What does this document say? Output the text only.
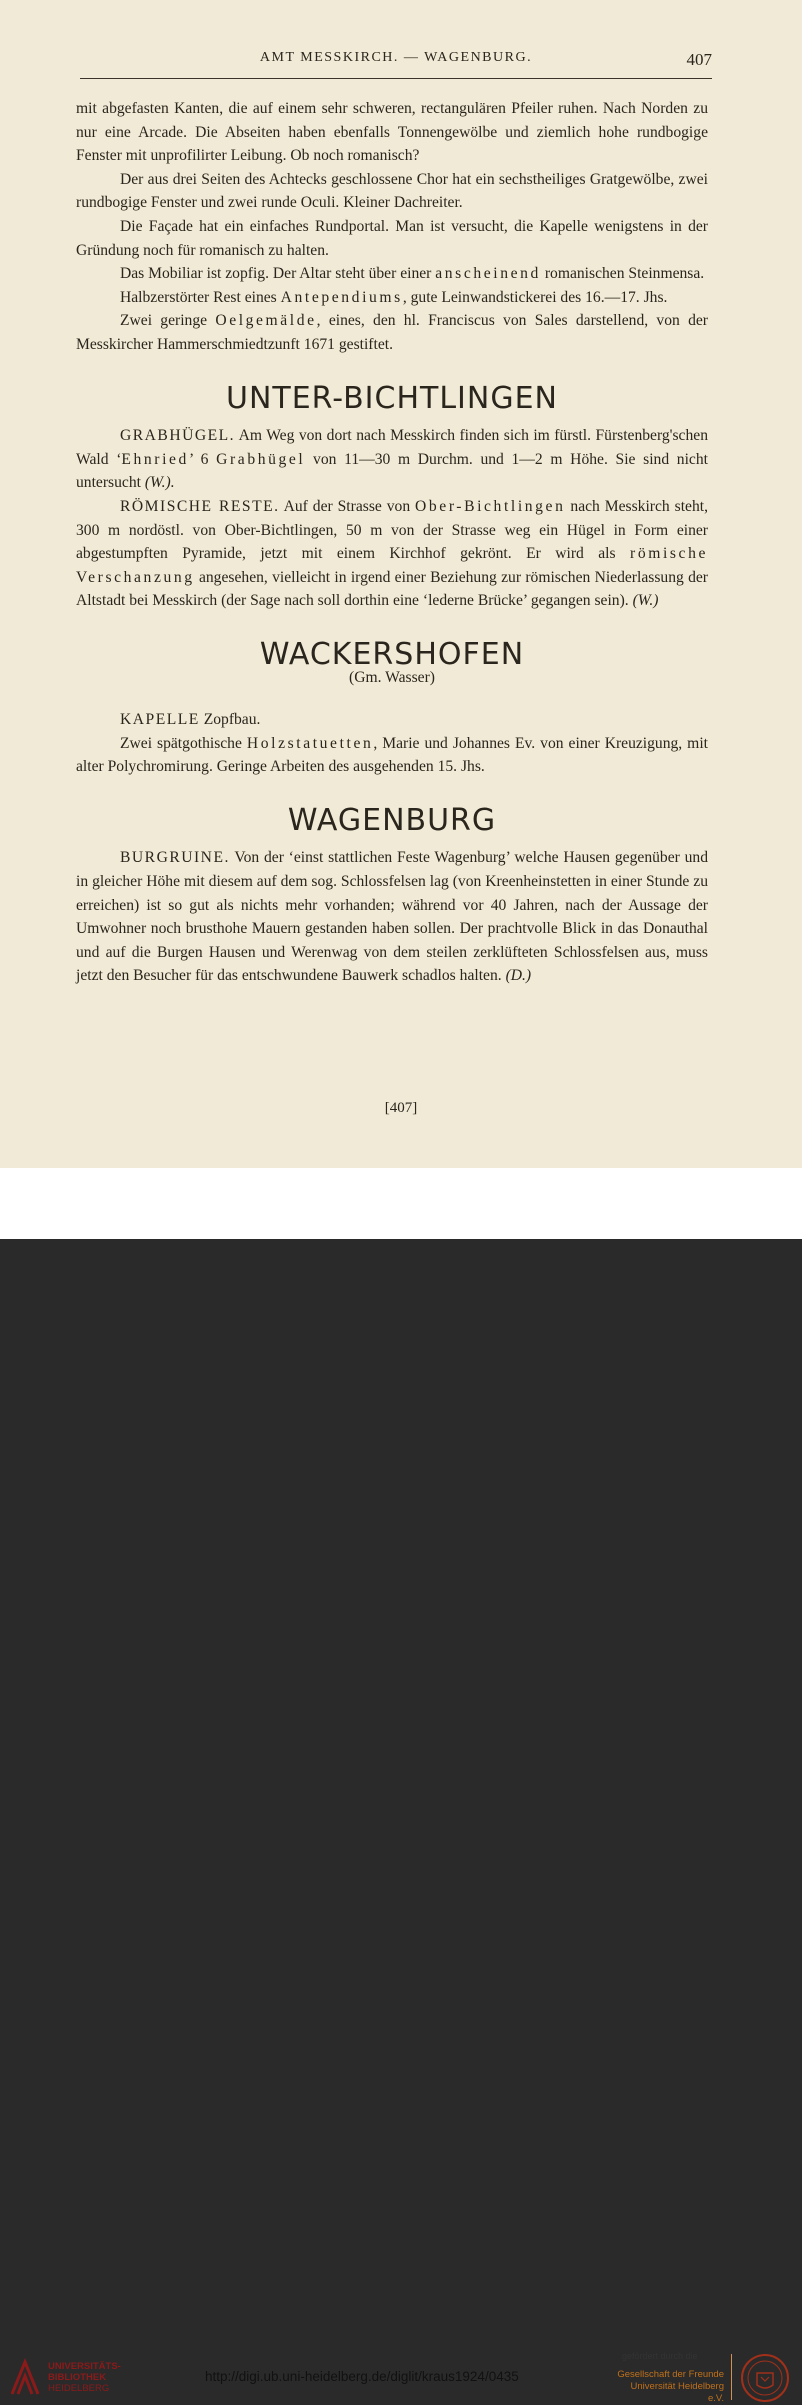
AMT MESSKIRCH. — WAGENBURG.	407

mit abgefasten Kanten, die auf einem sehr schweren, rectangulären Pfeiler ruhen. Nach Norden zu nur eine Arcade. Die Abseiten haben ebenfalls Tonnengewölbe und ziemlich hohe rundbogige Fenster mit unprofilirter Leibung. Ob noch romanisch?

Der aus drei Seiten des Achtecks geschlossene Chor hat ein sechstheiliges Gratgewölbe, zwei rundbogige Fenster und zwei runde Oculi. Kleiner Dachreiter.

Die Façade hat ein einfaches Rundportal. Man ist versucht, die Kapelle wenigstens in der Gründung noch für romanisch zu halten.

Das Mobiliar ist zopfig. Der Altar steht über einer anscheinend romanischen Steinmensa.

Halbzerstörter Rest eines Antependiums, gute Leinwandstickerei des 16.—17. Jhs.

Zwei geringe Oelgemälde, eines, den hl. Franciscus von Sales darstellend, von der Messkircher Hammerschmiedtzunft 1671 gestiftet.

UNTER-BICHTLINGEN

GRABHÜGEL. Am Weg von dort nach Messkirch finden sich im fürstl. Fürstenberg'schen Wald ‘Ehnried’ 6 Grabhügel von 11—30 m Durchm. und 1—2 m Höhe. Sie sind nicht untersucht (W.).

RÖMISCHE RESTE. Auf der Strasse von Ober-Bichtlingen nach Messkirch steht, 300 m nordöstl. von Ober-Bichtlingen, 50 m von der Strasse weg ein Hügel in Form einer abgestumpften Pyramide, jetzt mit einem Kirchhof gekrönt. Er wird als römische Verschanzung angesehen, vielleicht in irgend einer Beziehung zur römischen Niederlassung der Altstadt bei Messkirch (der Sage nach soll dorthin eine ‘lederne Brücke’ gegangen sein). (W.)

WACKERSHOFEN
(Gm. Wasser)

KAPELLE Zopfbau.

Zwei spätgothische Holzstatuetten, Marie und Johannes Ev. von einer Kreuzigung, mit alter Polychromirung. Geringe Arbeiten des ausgehenden 15. Jhs.

WAGENBURG

BURGRUINE. Von der ‘einst stattlichen Feste Wagenburg’ welche Hausen gegenüber und in gleicher Höhe mit diesem auf dem sog. Schlossfelsen lag (von Kreenheinstetten in einer Stunde zu erreichen) ist so gut als nichts mehr vorhanden; während vor 40 Jahren, nach der Aussage der Umwohner noch brusthohe Mauern gestanden haben sollen. Der prachtvolle Blick in das Donauthal und auf die Burgen Hausen und Werenwag von dem steilen zerklüfteten Schlossfelsen aus, muss jetzt den Besucher für das entschwundene Bauwerk schadlos halten. (D.)

[407]
UNIVERSITÄTS-
BIBLIOTHEK
HEIDELBERG
http://digi.ub.uni-heidelberg.de/diglit/kraus1924/0435
gefördert durch die
Gesellschaft der Freunde
Universität Heidelberg e.V.
